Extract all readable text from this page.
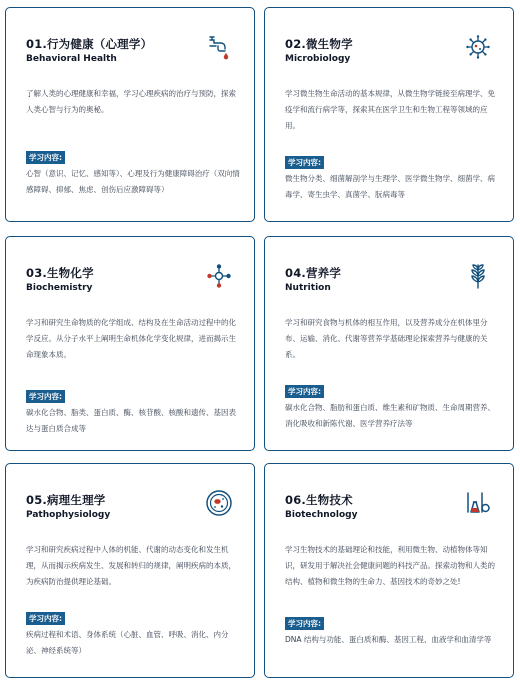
01.行为健康（心理学）
Behavioral Health
了解人类的心理健康和幸福，学习心理疾病的治疗与预防，探索人类心智与行为的奥秘。
学习内容:
心智（意识、记忆、感知等）、心理及行为健康障碍治疗（双向情感障碍、抑郁、焦虑、创伤后应激障碍等）
02.微生物学
Microbiology
学习微生物生命活动的基本规律，从微生物学链接至病理学、免疫学和流行病学等，探索其在医学卫生和生物工程等领域的应用。
学习内容:
微生物分类、细菌解剖学与生理学、医学微生物学、细菌学、病毒学、寄生虫学、真菌学、朊病毒等
03.生物化学
Biochemistry
学习和研究生命物质的化学组成、结构及在生命活动过程中的化学反应。从分子水平上阐明生命机体化学变化规律，进而揭示生命现象本质。
学习内容:
碳水化合物、脂类、蛋白质、酶、核苷酸、核酸和遗传、基因表达与蛋白质合成等
04.营养学
Nutrition
学习和研究食物与机体的相互作用，以及营养成分在机体里分布、运输、消化、代谢等营养学基础理论探索营养与健康的关系。
学习内容:
碳水化合物、脂肪和蛋白质、维生素和矿物质、生命周期营养、消化吸收和新陈代谢、医学营养疗法等
05.病理生理学
Pathophysiology
学习和研究疾病过程中人体的机能、代谢的动态变化和发生机理，从而揭示疾病发生、发展和转归的规律，阐明疾病的本质，为疾病防治提供理论基础。
学习内容:
疾病过程和术语、身体系统（心脏、血管、呼吸、消化、内分泌、神经系统等）
06.生物技术
Biotechnology
学习生物技术的基础理论和技能，利用微生物、动植物体等知识，研发用于解决社会健康问题的科技产品。探索动物和人类的结构、植物和微生物的生命力、基因技术的奇妙之处!
学习内容:
DNA 结构与功能、蛋白质和酶、基因工程、血液学和血清学等
